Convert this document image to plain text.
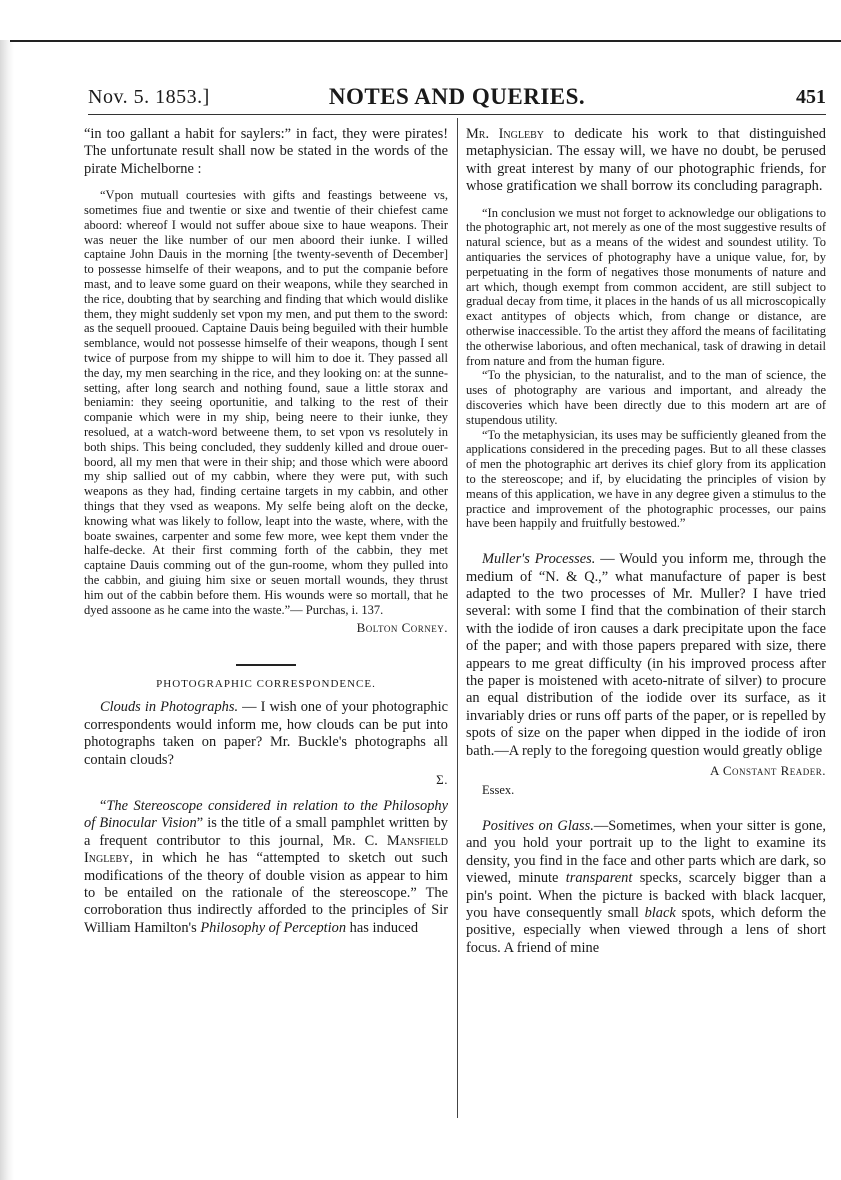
Nov. 5. 1853.]	NOTES AND QUERIES.	451

“in too gallant a habit for saylers:” in fact, they were pirates! The unfortunate result shall now be stated in the words of the pirate Michelborne :

“Vpon mutuall courtesies with gifts and feastings betweene vs, sometimes fiue and twentie or sixe and twentie of their chiefest came aboord: whereof I would not suffer aboue sixe to haue weapons. Their was neuer the like number of our men aboord their iunke. I willed captaine John Dauis in the morning [the twenty-seventh of December] to possesse himselfe of their weapons, and to put the companie before mast, and to leave some guard on their weapons, while they searched in the rice, doubting that by searching and finding that which would dislike them, they might suddenly set vpon my men, and put them to the sword: as the sequell prooued. Captaine Dauis being beguiled with their humble semblance, would not possesse himselfe of their weapons, though I sent twice of purpose from my shippe to will him to doe it. They passed all the day, my men searching in the rice, and they looking on: at the sunne-setting, after long search and nothing found, saue a little storax and beniamin: they seeing oportunitie, and talking to the rest of their companie which were in my ship, being neere to their iunke, they resolued, at a watch-word betweene them, to set vpon vs resolutely in both ships. This being concluded, they suddenly killed and droue ouer-boord, all my men that were in their ship; and those which were aboord my ship sallied out of my cabbin, where they were put, with such weapons as they had, finding certaine targets in my cabbin, and other things that they vsed as weapons. My selfe being aloft on the decke, knowing what was likely to follow, leapt into the waste, where, with the boate swaines, carpenter and some few more, wee kept them vnder the halfe-decke. At their first comming forth of the cabbin, they met captaine Dauis comming out of the gun-roome, whom they pulled into the cabbin, and giuing him sixe or seuen mortall wounds, they thrust him out of the cabbin before them. His wounds were so mortall, that he dyed assoone as he came into the waste.”— Purchas, i. 137.

Bolton Corney.

PHOTOGRAPHIC CORRESPONDENCE.

Clouds in Photographs. — I wish one of your photographic correspondents would inform me, how clouds can be put into photographs taken on paper? Mr. Buckle's photographs all contain clouds?

Σ.

“The Stereoscope considered in relation to the Philosophy of Binocular Vision” is the title of a small pamphlet written by a frequent contributor to this journal, Mr. C. Mansfield Ingleby, in which he has “attempted to sketch out such modifications of the theory of double vision as appear to him to be entailed on the rationale of the stereoscope.” The corroboration thus indirectly afforded to the principles of Sir William Hamilton's Philosophy of Perception has induced

Mr. Ingleby to dedicate his work to that distinguished metaphysician. The essay will, we have no doubt, be perused with great interest by many of our photographic friends, for whose gratification we shall borrow its concluding paragraph.

“In conclusion we must not forget to acknowledge our obligations to the photographic art, not merely as one of the most suggestive results of natural science, but as a means of the widest and soundest utility. To antiquaries the services of photography have a unique value, for, by perpetuating in the form of negatives those monuments of nature and art which, though exempt from common accident, are still subject to gradual decay from time, it places in the hands of us all microscopically exact antitypes of objects which, from change or distance, are otherwise inaccessible. To the artist they afford the means of facilitating the otherwise laborious, and often mechanical, task of drawing in detail from nature and from the human figure.

“To the physician, to the naturalist, and to the man of science, the uses of photography are various and important, and already the discoveries which have been directly due to this modern art are of stupendous utility.

“To the metaphysician, its uses may be sufficiently gleaned from the applications considered in the preceding pages. But to all these classes of men the photographic art derives its chief glory from its application to the stereoscope; and if, by elucidating the principles of vision by means of this application, we have in any degree given a stimulus to the practice and improvement of the photographic processes, our pains have been happily and fruitfully bestowed.”

Muller's Processes. — Would you inform me, through the medium of “N. & Q.,” what manufacture of paper is best adapted to the two processes of Mr. Muller? I have tried several: with some I find that the combination of their starch with the iodide of iron causes a dark precipitate upon the face of the paper; and with those papers prepared with size, there appears to me great difficulty (in his improved process after the paper is moistened with aceto-nitrate of silver) to procure an equal distribution of the iodide over its surface, as it invariably dries or runs off parts of the paper, or is repelled by spots of size on the paper when dipped in the iodide of iron bath.—A reply to the foregoing question would greatly oblige

A Constant Reader.

Essex.

Positives on Glass.—Sometimes, when your sitter is gone, and you hold your portrait up to the light to examine its density, you find in the face and other parts which are dark, so viewed, minute transparent specks, scarcely bigger than a pin's point. When the picture is backed with black lacquer, you have consequently small black spots, which deform the positive, especially when viewed through a lens of short focus. A friend of mine
